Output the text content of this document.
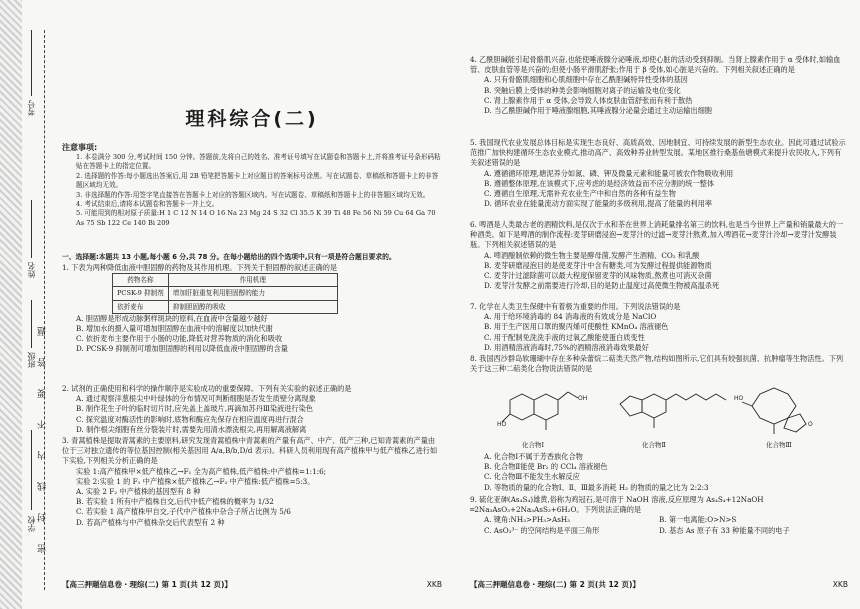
密封线内不要答题
学校
班级
姓名
考号	理科综合(二)
注意事项:

1. 本卷满分 300 分,考试时间 150 分钟。答题前,先将自己的姓名、准考证号填写在试题卷和答题卡上,并将准考证号条形码粘贴在答题卡上的指定位置。

2. 选择题的作答:每小题选出答案后,用 2B 铅笔把答题卡上对应题目的答案标号涂黑。写在试题卷、草稿纸和答题卡上的非答题区域均无效。

3. 非选择题的作答:用签字笔直接答在答题卡上对应的答题区域内。写在试题卷、草稿纸和答题卡上的非答题区域均无效。

4. 考试结束后,请将本试题卷和答题卡一并上交。

5. 可能用到的相对原子质量:H 1 C 12 N 14 O 16 Na 23 Mg 24 S 32 Cl 35.5 K 39 Ti 48 Fe 56 Ni 59 Cu 64 Ga 70 As 75 Sb 122 Ce 140 Bi 209

一、选择题:本题共 13 小题,每小题 6 分,共 78 分。在每小题给出的四个选项中,只有一项是符合题目要求的。

1. 下表为两种降低血液中胆固醇的药物及其作用机理。下列关于胆固醇的叙述正确的是

药物名称	作用机理
PCSK-9 抑制剂	增加肝脏重复利用胆固醇的能力
依折麦布	抑制胆固醇的吸收

A. 胆固醇是形成动脉粥样斑块的原料,在血液中含量越少越好

B. 增加水的摄入量可增加胆固醇在血液中的溶解度以加快代谢

C. 依折麦布主要作用于小肠的功能,降低对营养物质的消化和吸收

D. PCSK-9 抑制剂可增加胆固醇的利用以降低血液中胆固醇的含量

2. 试剂的正确使用和科学的操作顺序是实验成功的重要保障。下列有关实验的叙述正确的是

A. 通过观察洋葱根尖中叶绿体的分布情况可判断细胞是否发生质壁分离现象

B. 制作花生子叶的临时切片时,应先盖上盖玻片,再滴加苏丹Ⅲ染液进行染色

C. 探究温度对酶活性的影响时,底物和酶应先保存在相应温度再进行混合

D. 制作根尖细胞有丝分裂装片时,需要先用清水漂洗根尖,再用解离液解离

3. 青蒿植株是提取青蒿素的主要原料,研究发现青蒿植株中青蒿素的产量有高产、中产、低产三种,已知青蒿素的产量由位于三对独立遗传的等位基因控制(相关基因用 A/a,B/b,D/d 表示)。科研人员利用现有高产植株甲与低产植株乙进行如下实验,下列相关分析正确的是

实验 1:高产植株甲×低产植株乙→F₁ 全为高产植株,低产植株:中产植株=1:1:6;

实验 2:实验 1 的 F₁ 中产植株×低产植株乙→F₂ 中产植株:低产植株=5:3。

A. 实验 2 F₂ 中产植株的基因型有 8 种

B. 若实验 1 所有中产植株自交,后代中低产植株的概率为 1/32

C. 若实验 1 高产植株甲自交,子代中产植株中杂合子所占比例为 5/6

D. 若高产植株与中产植株杂交后代表型有 2 种

【高三押题信息卷・理综(二) 第 1 页(共 12 页)】	XKB

4. 乙酰胆碱能引起骨骼肌兴奋,也能使唾液腺分泌唾液,却使心脏的活动受到抑制。当肾上腺素作用于 α 受体时,如输血管、皮肤血管等是兴奋的;但使小肠平滑肌舒张;作用于 β 受体,如心脏是兴奋的。下列相关叙述正确的是

A. 只有骨骼肌细胞和心肌细胞中存在乙酰胆碱特异性受体的基因

B. 突触后膜上受体的种类会影响细胞对离子的运输及电位变化

C. 肾上腺素作用于 α 受体,会导致人体皮肤血管舒张而有利于散热

D. 当乙酰胆碱作用于唾液腺细胞,其唾液腺分泌量会通过主动运输出细胞

5. 我国现代农业发展总体目标是实现生态良好、高质高效、因地制宜、可持续发展的新型生态农业。因此可通过试验示范推广加快构建循环生态农业模式,推动高产、高效种养业转型发展。某地区推行桑基鱼塘模式来提升农民收入,下列有关叙述错误的是

A. 遵循循环原理,塘泥养分如氮、磷、钾及微量元素和能量可被农作物吸收利用

B. 遵循整体原理,在该模式下,应考虑的是经济效益而不应分割的统一整体

C. 遵循自生原理,无需补充农业生产中和自然的各种有益生物

D. 循环农业在能量流动方面实现了能量的多级利用,提高了能量的利用率

6. 啤酒是人类最古老的酒精饮料,是仅次于水和茶在世界上消耗量排名第三的饮料,也是当今世界上产量和销量最大的一种酒类。如下是啤酒的制作流程:麦芽研磨浸泡→麦芽汁的过滤→麦芽汁熬煮,加入啤酒花→麦芽汁冷却→麦芽汁发酵装瓶。下列相关叙述错误的是

A. 啤酒酿制依赖的微生物主要是酵母菌,发酵产生酒精、CO₂ 和乳酸

B. 麦芽研磨浸泡目的是使麦芽汁中含有糖类,可为发酵过程提供能源物质

C. 麦芽汁过滤除菌可以最大程度保留麦芽的风味物质,熬煮也可消灭杂菌

D. 麦芽汁发酵之前需要进行冷却,目的是防止温度过高使微生物被高温杀死

7. 化学在人类卫生保健中有着极为重要的作用。下列说法错误的是

A. 用于给环境消毒的 84 消毒液的有效成分是 NaClO

B. 用于生产医用口罩的聚丙烯可使酸性 KMnO₄ 溶液褪色

C. 用于配制免洗洗手液的过氧乙酸能使蛋白质变性

D. 用酒精溶液消毒时,75%的酒精溶液消毒效果最好

8. 我国西沙群岛软珊瑚中存在多种朵蕾烷二萜类天然产物,结构如图所示,它们具有较强抗菌、抗肿瘤等生物活性。下列关于这三种二萜类化合物说法错误的是

HO
OH	HO
O
化合物Ⅰ	化合物Ⅱ	化合物Ⅲ

A. 化合物Ⅰ不属于芳香族化合物

B. 化合物Ⅱ能使 Br₂ 的 CCl₄ 溶液褪色

C. 化合物Ⅲ不能发生水解反应

D. 等物质的量的化合物Ⅰ、Ⅱ、Ⅲ最多消耗 H₂ 的物质的量之比为 2:2:3

9. 硫化亚砷(As₄S₄)雄黄,俗称为鸡冠石,是可溶于 NaOH 溶液,反应原理为 As₄S₄+12NaOH ═2Na₃AsO₃+2Na₃AsS₃+6H₂O。下列说法正确的是

A. 键角:NH₃>PH₃>AsH₃	B. 第一电离能:O>N>S

C. AsO₃³⁻ 的空间结构是平面三角形	D. 基态 As 原子有 33 种能量不同的电子

【高三押题信息卷・理综(二) 第 2 页(共 12 页)】	XKB
